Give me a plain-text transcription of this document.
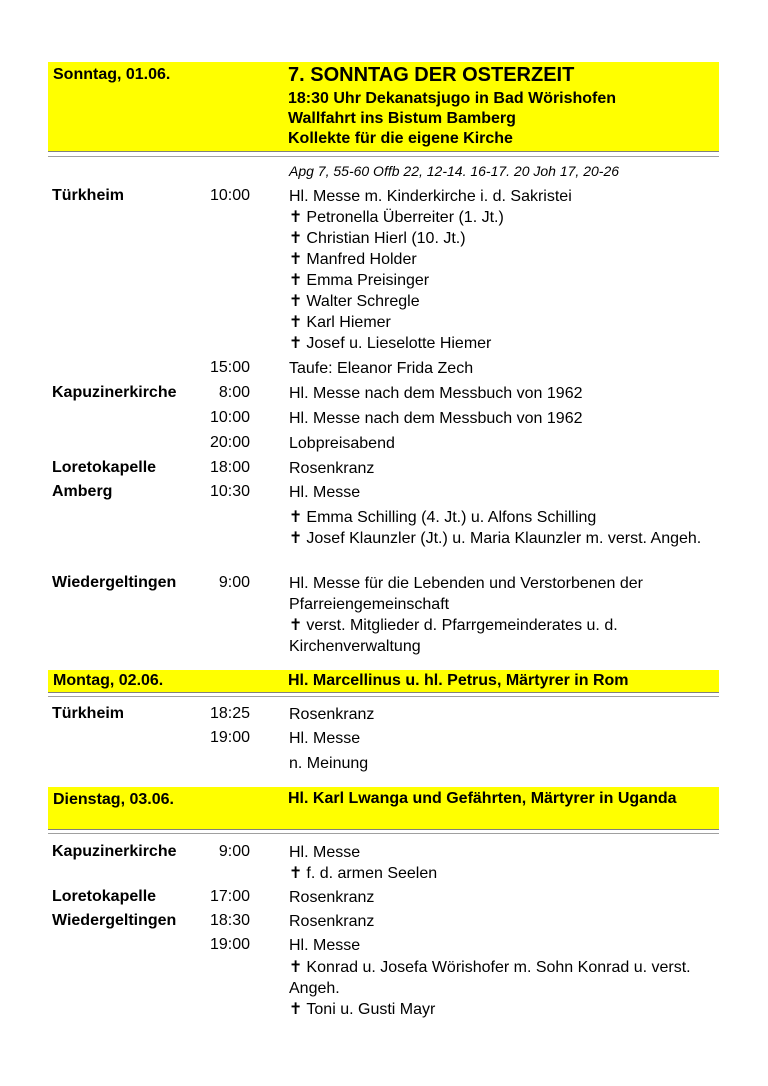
Sonntag, 01.06.	7. SONNTAG DER OSTERZEIT
18:30 Uhr Dekanatsjugo in Bad Wörishofen
Wallfahrt ins Bistum Bamberg
Kollekte für die eigene Kirche
Apg 7, 55-60 Offb 22, 12-14. 16-17. 20 Joh 17, 20-26
Türkheim	10:00 Hl. Messe m. Kinderkirche i. d. Sakristei
✝ Petronella Überreiter (1. Jt.)
✝ Christian Hierl (10. Jt.)
✝ Manfred Holder
✝ Emma Preisinger
✝ Walter Schregle
✝ Karl Hiemer
✝ Josef u. Lieselotte Hiemer
15:00 Taufe: Eleanor Frida Zech
Kapuzinerkirche	8:00 Hl. Messe nach dem Messbuch von 1962
10:00 Hl. Messe nach dem Messbuch von 1962
20:00 Lobpreisabend
Loretokapelle	18:00 Rosenkranz
Amberg	10:30 Hl. Messe
✝ Emma Schilling (4. Jt.) u. Alfons Schilling
✝ Josef Klaunzler (Jt.) u. Maria Klaunzler m. verst. Angeh.
Wiedergeltingen	9:00 Hl. Messe für die Lebenden und Verstorbenen der Pfarreiengemeinschaft
✝ verst. Mitglieder d. Pfarrgemeinderates u. d. Kirchenverwaltung
Montag, 02.06.	Hl. Marcellinus u. hl. Petrus, Märtyrer in Rom
Türkheim	18:25 Rosenkranz
19:00 Hl. Messe
n. Meinung
Dienstag, 03.06.	Hl. Karl Lwanga und Gefährten, Märtyrer in Uganda
Kapuzinerkirche	9:00 Hl. Messe
✝ f. d. armen Seelen
Loretokapelle	17:00 Rosenkranz
Wiedergeltingen 18:30 Rosenkranz
19:00 Hl. Messe
✝ Konrad u. Josefa Wörishofer m. Sohn Konrad u. verst. Angeh.
✝ Toni u. Gusti Mayr
